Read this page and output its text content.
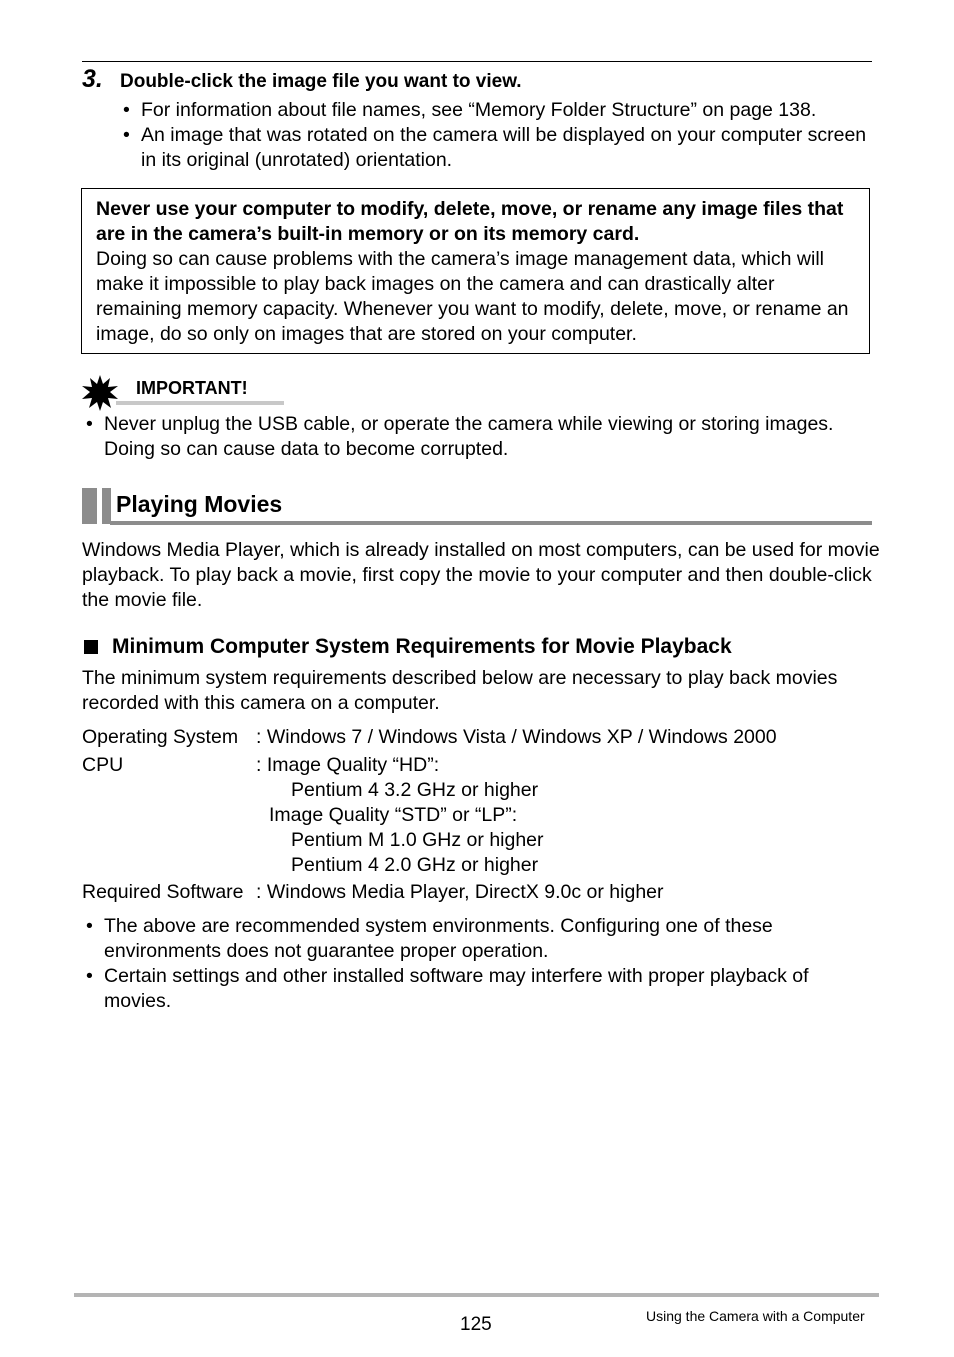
3. Double-click the image file you want to view.
• For information about file names, see “Memory Folder Structure” on page 138.
• An image that was rotated on the camera will be displayed on your computer screen in its original (unrotated) orientation.
Never use your computer to modify, delete, move, or rename any image files that are in the camera’s built-in memory or on its memory card.
Doing so can cause problems with the camera’s image management data, which will make it impossible to play back images on the camera and can drastically alter remaining memory capacity. Whenever you want to modify, delete, move, or rename an image, do so only on images that are stored on your computer.
IMPORTANT!
• Never unplug the USB cable, or operate the camera while viewing or storing images. Doing so can cause data to become corrupted.
Playing Movies
Windows Media Player, which is already installed on most computers, can be used for movie playback. To play back a movie, first copy the movie to your computer and then double-click the movie file.
Minimum Computer System Requirements for Movie Playback
The minimum system requirements described below are necessary to play back movies recorded with this camera on a computer.
Operating System : Windows 7 / Windows Vista / Windows XP / Windows 2000
CPU	: Image Quality “HD”:
Pentium 4 3.2 GHz or higher
Image Quality “STD” or “LP”:
Pentium M 1.0 GHz or higher
Pentium 4 2.0 GHz or higher
Required Software : Windows Media Player, DirectX 9.0c or higher
• The above are recommended system environments. Configuring one of these environments does not guarantee proper operation.
• Certain settings and other installed software may interfere with proper playback of movies.
125	Using the Camera with a Computer
